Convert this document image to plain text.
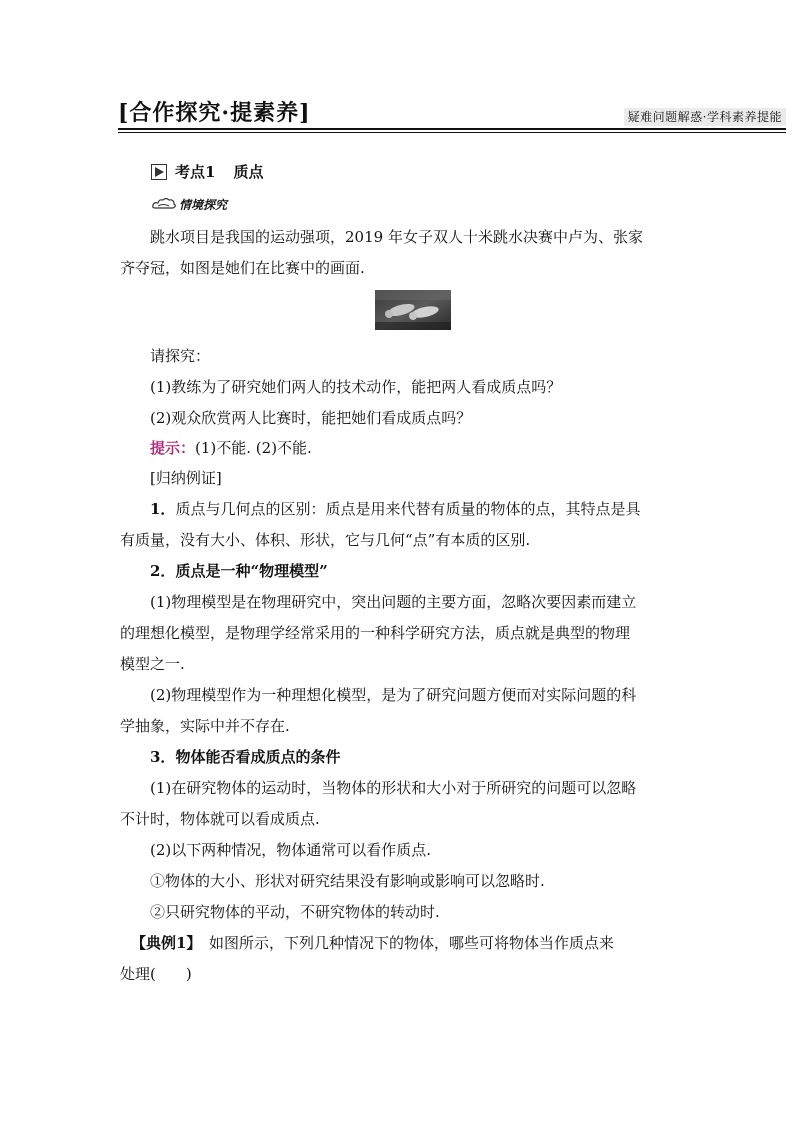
[合作探究·提素养]	疑难问题解惑·学科素养提能
考点1 质点
情境探究
跳水项目是我国的运动强项，2019 年女子双人十米跳水决赛中卢为、张家
齐夺冠，如图是她们在比赛中的画面.
请探究：
(1)教练为了研究她们两人的技术动作，能把两人看成质点吗？
(2)观众欣赏两人比赛时，能把她们看成质点吗？
提示：(1)不能. (2)不能.
[归纳例证]
1．质点与几何点的区别：质点是用来代替有质量的物体的点，其特点是具
有质量，没有大小、体积、形状，它与几何“点”有本质的区别.
2．质点是一种“物理模型”
(1)物理模型是在物理研究中，突出问题的主要方面，忽略次要因素而建立
的理想化模型，是物理学经常采用的一种科学研究方法，质点就是典型的物理
模型之一.
(2)物理模型作为一种理想化模型，是为了研究问题方便而对实际问题的科
学抽象，实际中并不存在.
3．物体能否看成质点的条件
(1)在研究物体的运动时，当物体的形状和大小对于所研究的问题可以忽略
不计时，物体就可以看成质点.
(2)以下两种情况，物体通常可以看作质点.
①物体的大小、形状对研究结果没有影响或影响可以忽略时.
②只研究物体的平动，不研究物体的转动时.
【典例1】　 如图所示，下列几种情况下的物体，哪些可将物体当作质点来
处理(　　)
